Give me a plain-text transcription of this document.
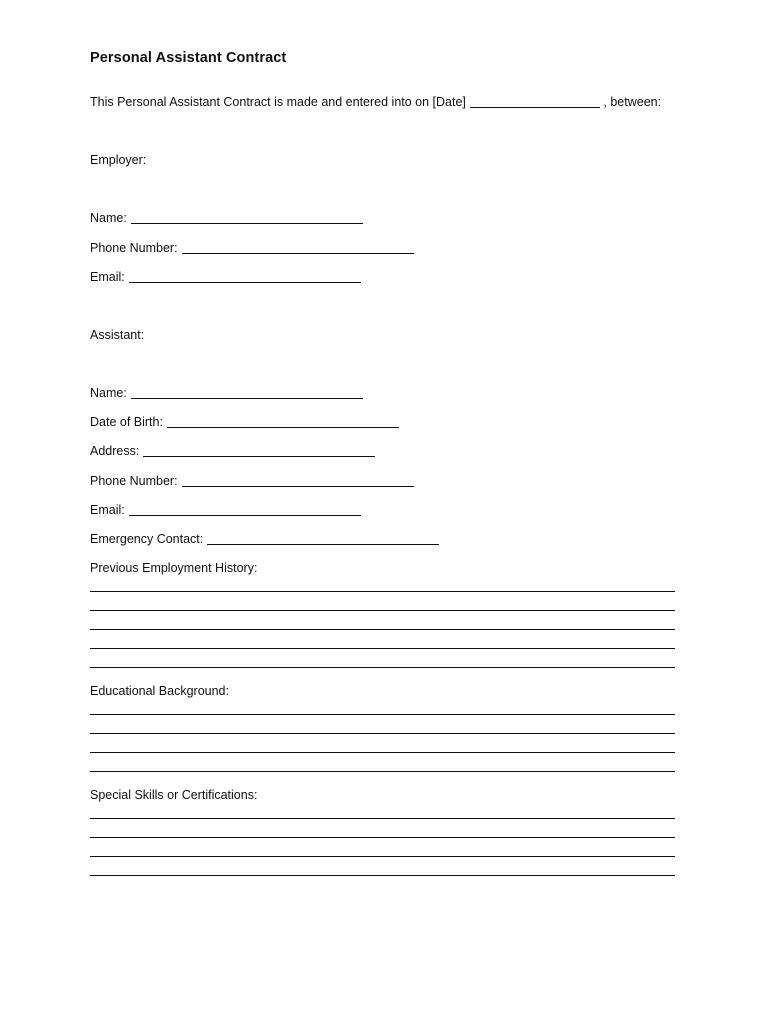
Personal Assistant Contract
This Personal Assistant Contract is made and entered into on [Date]	, between:
Employer:
Name:
Phone Number:
Email:
Assistant:
Name:
Date of Birth:
Address:
Phone Number:
Email:
Emergency Contact:
Previous Employment History:
Educational Background:
Special Skills or Certifications:
